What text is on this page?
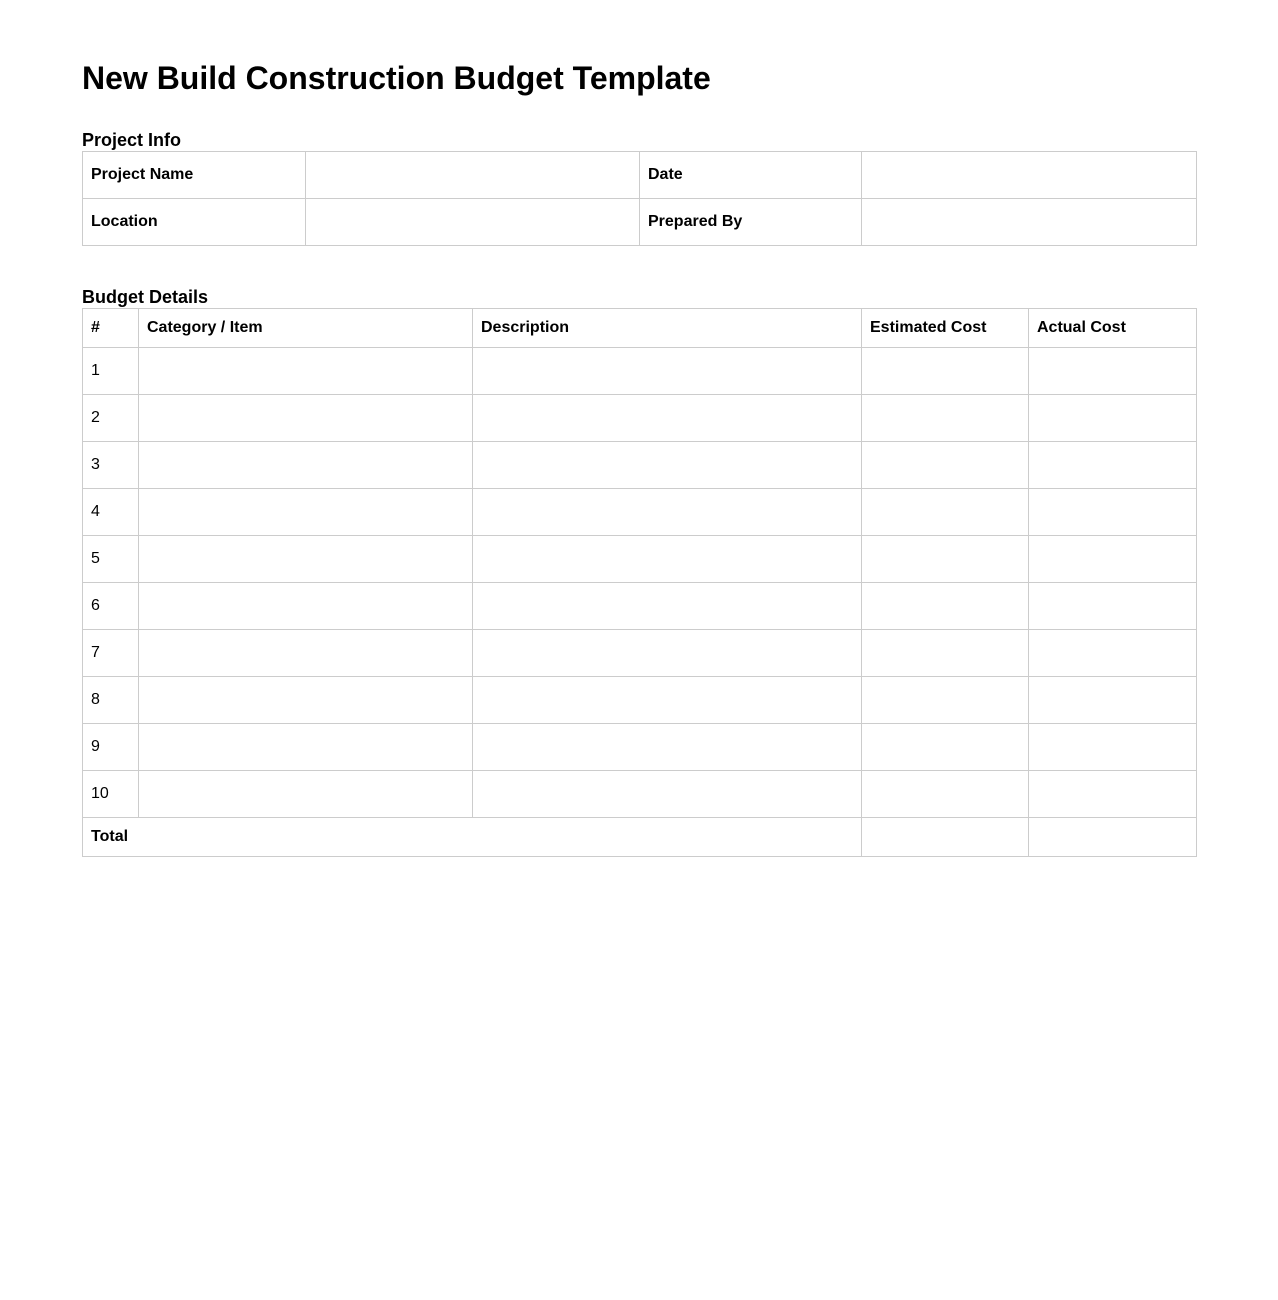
New Build Construction Budget Template
Project Info
Project Name		Date	
Location		Prepared By	
Budget Details
#	Category / Item	Description	Estimated Cost	Actual Cost
1				
2				
3				
4				
5				
6				
7				
8				
9				
10				
Total				
